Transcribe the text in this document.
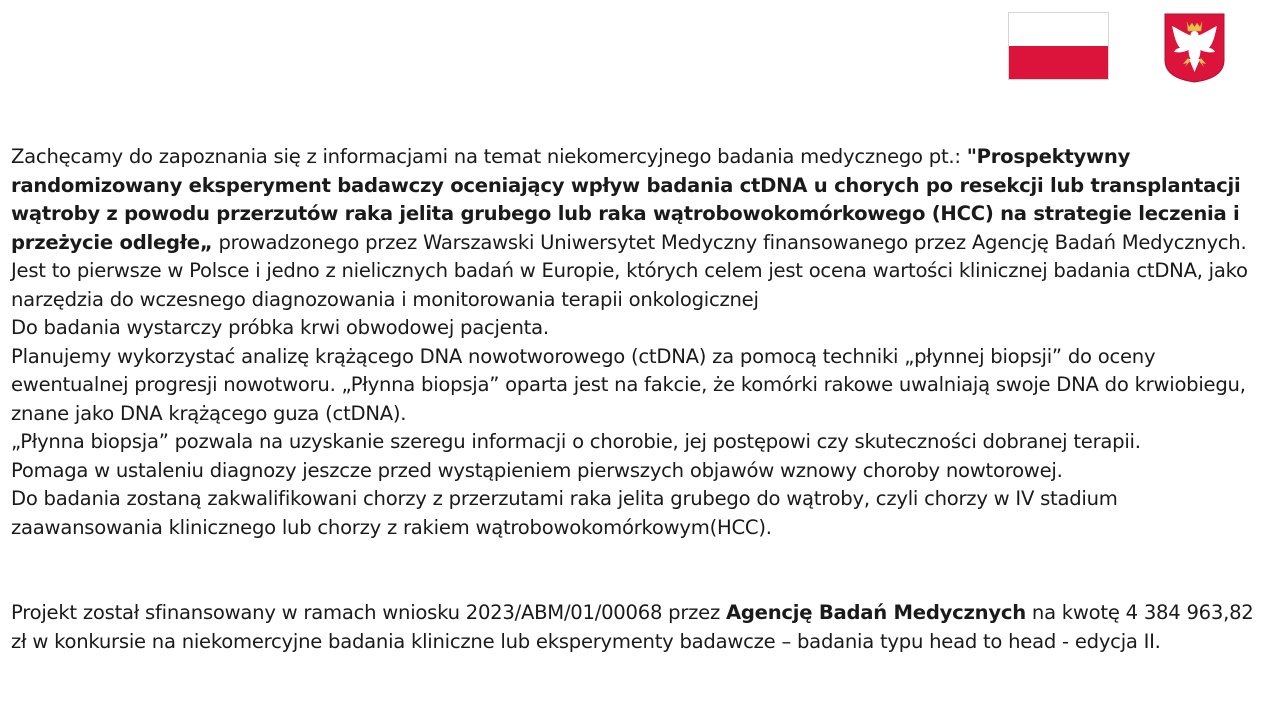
Zachęcamy do zapoznania się z informacjami na temat niekomercyjnego badania medycznego pt.: "Prospektywny randomizowany eksperyment badawczy oceniający wpływ badania ctDNA u chorych po resekcji lub transplantacji wątroby z powodu przerzutów raka jelita grubego lub raka wątrobowokomórkowego (HCC) na strategie leczenia i przeżycie odległe„ prowadzonego przez Warszawski Uniwersytet Medyczny finansowanego przez Agencję Badań Medycznych.

Jest to pierwsze w Polsce i jedno z nielicznych badań w Europie, których celem jest ocena wartości klinicznej badania ctDNA, jako narzędzia do wczesnego diagnozowania i monitorowania terapii onkologicznej

Do badania wystarczy próbka krwi obwodowej pacjenta.

Planujemy wykorzystać analizę krążącego DNA nowotworowego (ctDNA) za pomocą techniki „płynnej biopsji” do oceny ewentualnej progresji nowotworu. „Płynna biopsja” oparta jest na fakcie, że komórki rakowe uwalniają swoje DNA do krwiobiegu, znane jako DNA krążącego guza (ctDNA).

„Płynna biopsja” pozwala na uzyskanie szeregu informacji o chorobie, jej postępowi czy skuteczności dobranej terapii.

Pomaga w ustaleniu diagnozy jeszcze przed wystąpieniem pierwszych objawów wznowy choroby nowtorowej.

Do badania zostaną zakwalifikowani chorzy z przerzutami raka jelita grubego do wątroby, czyli chorzy w IV stadium zaawansowania klinicznego lub chorzy z rakiem wątrobowokomórkowym(HCC).

Projekt został sfinansowany w ramach wniosku 2023/ABM/01/00068 przez Agencję Badań Medycznych na kwotę 4 384 963,82 zł w konkursie na niekomercyjne badania kliniczne lub eksperymenty badawcze – badania typu head to head - edycja II.
